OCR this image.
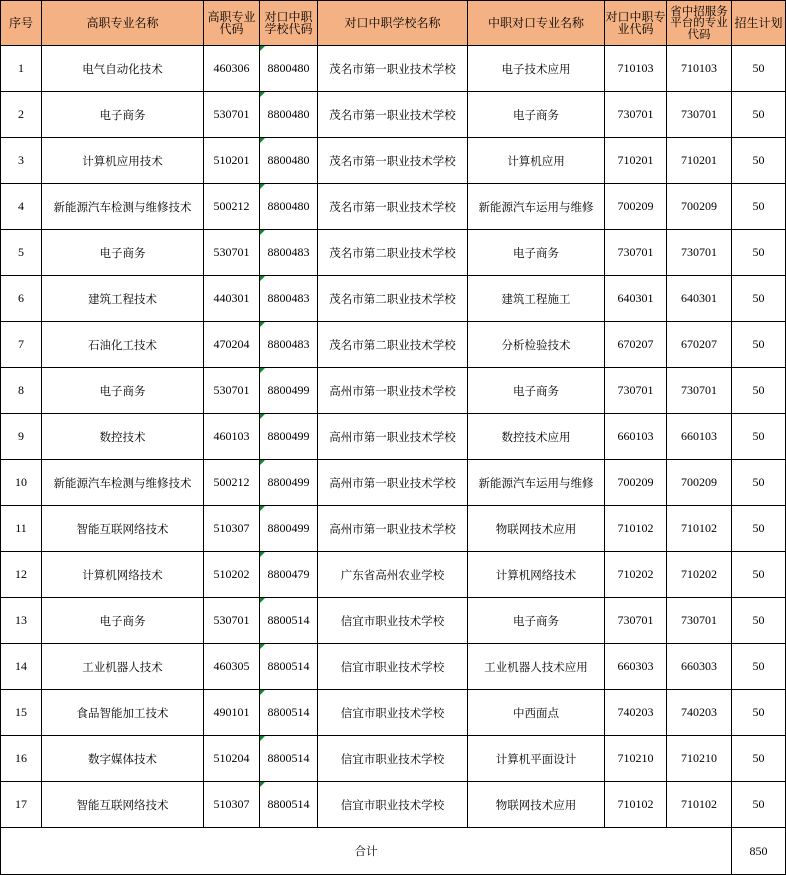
序号	高职专业名称	高职专业代码	对口中职学校代码	对口中职学校名称	中职对口专业名称	对口中职专业代码	省中招服务平台的专业代码	招生计划
1	电气自动化技术	460306	8800480	茂名市第一职业技术学校	电子技术应用	710103	710103	50
2	电子商务	530701	8800480	茂名市第一职业技术学校	电子商务	730701	730701	50
3	计算机应用技术	510201	8800480	茂名市第一职业技术学校	计算机应用	710201	710201	50
4	新能源汽车检测与维修技术	500212	8800480	茂名市第一职业技术学校	新能源汽车运用与维修	700209	700209	50
5	电子商务	530701	8800483	茂名市第二职业技术学校	电子商务	730701	730701	50
6	建筑工程技术	440301	8800483	茂名市第二职业技术学校	建筑工程施工	640301	640301	50
7	石油化工技术	470204	8800483	茂名市第二职业技术学校	分析检验技术	670207	670207	50
8	电子商务	530701	8800499	高州市第一职业技术学校	电子商务	730701	730701	50
9	数控技术	460103	8800499	高州市第一职业技术学校	数控技术应用	660103	660103	50
10	新能源汽车检测与维修技术	500212	8800499	高州市第一职业技术学校	新能源汽车运用与维修	700209	700209	50
11	智能互联网络技术	510307	8800499	高州市第一职业技术学校	物联网技术应用	710102	710102	50
12	计算机网络技术	510202	8800479	广东省高州农业学校	计算机网络技术	710202	710202	50
13	电子商务	530701	8800514	信宜市职业技术学校	电子商务	730701	730701	50
14	工业机器人技术	460305	8800514	信宜市职业技术学校	工业机器人技术应用	660303	660303	50
15	食品智能加工技术	490101	8800514	信宜市职业技术学校	中西面点	740203	740203	50
16	数字媒体技术	510204	8800514	信宜市职业技术学校	计算机平面设计	710210	710210	50
17	智能互联网络技术	510307	8800514	信宜市职业技术学校	物联网技术应用	710102	710102	50
合计								850
